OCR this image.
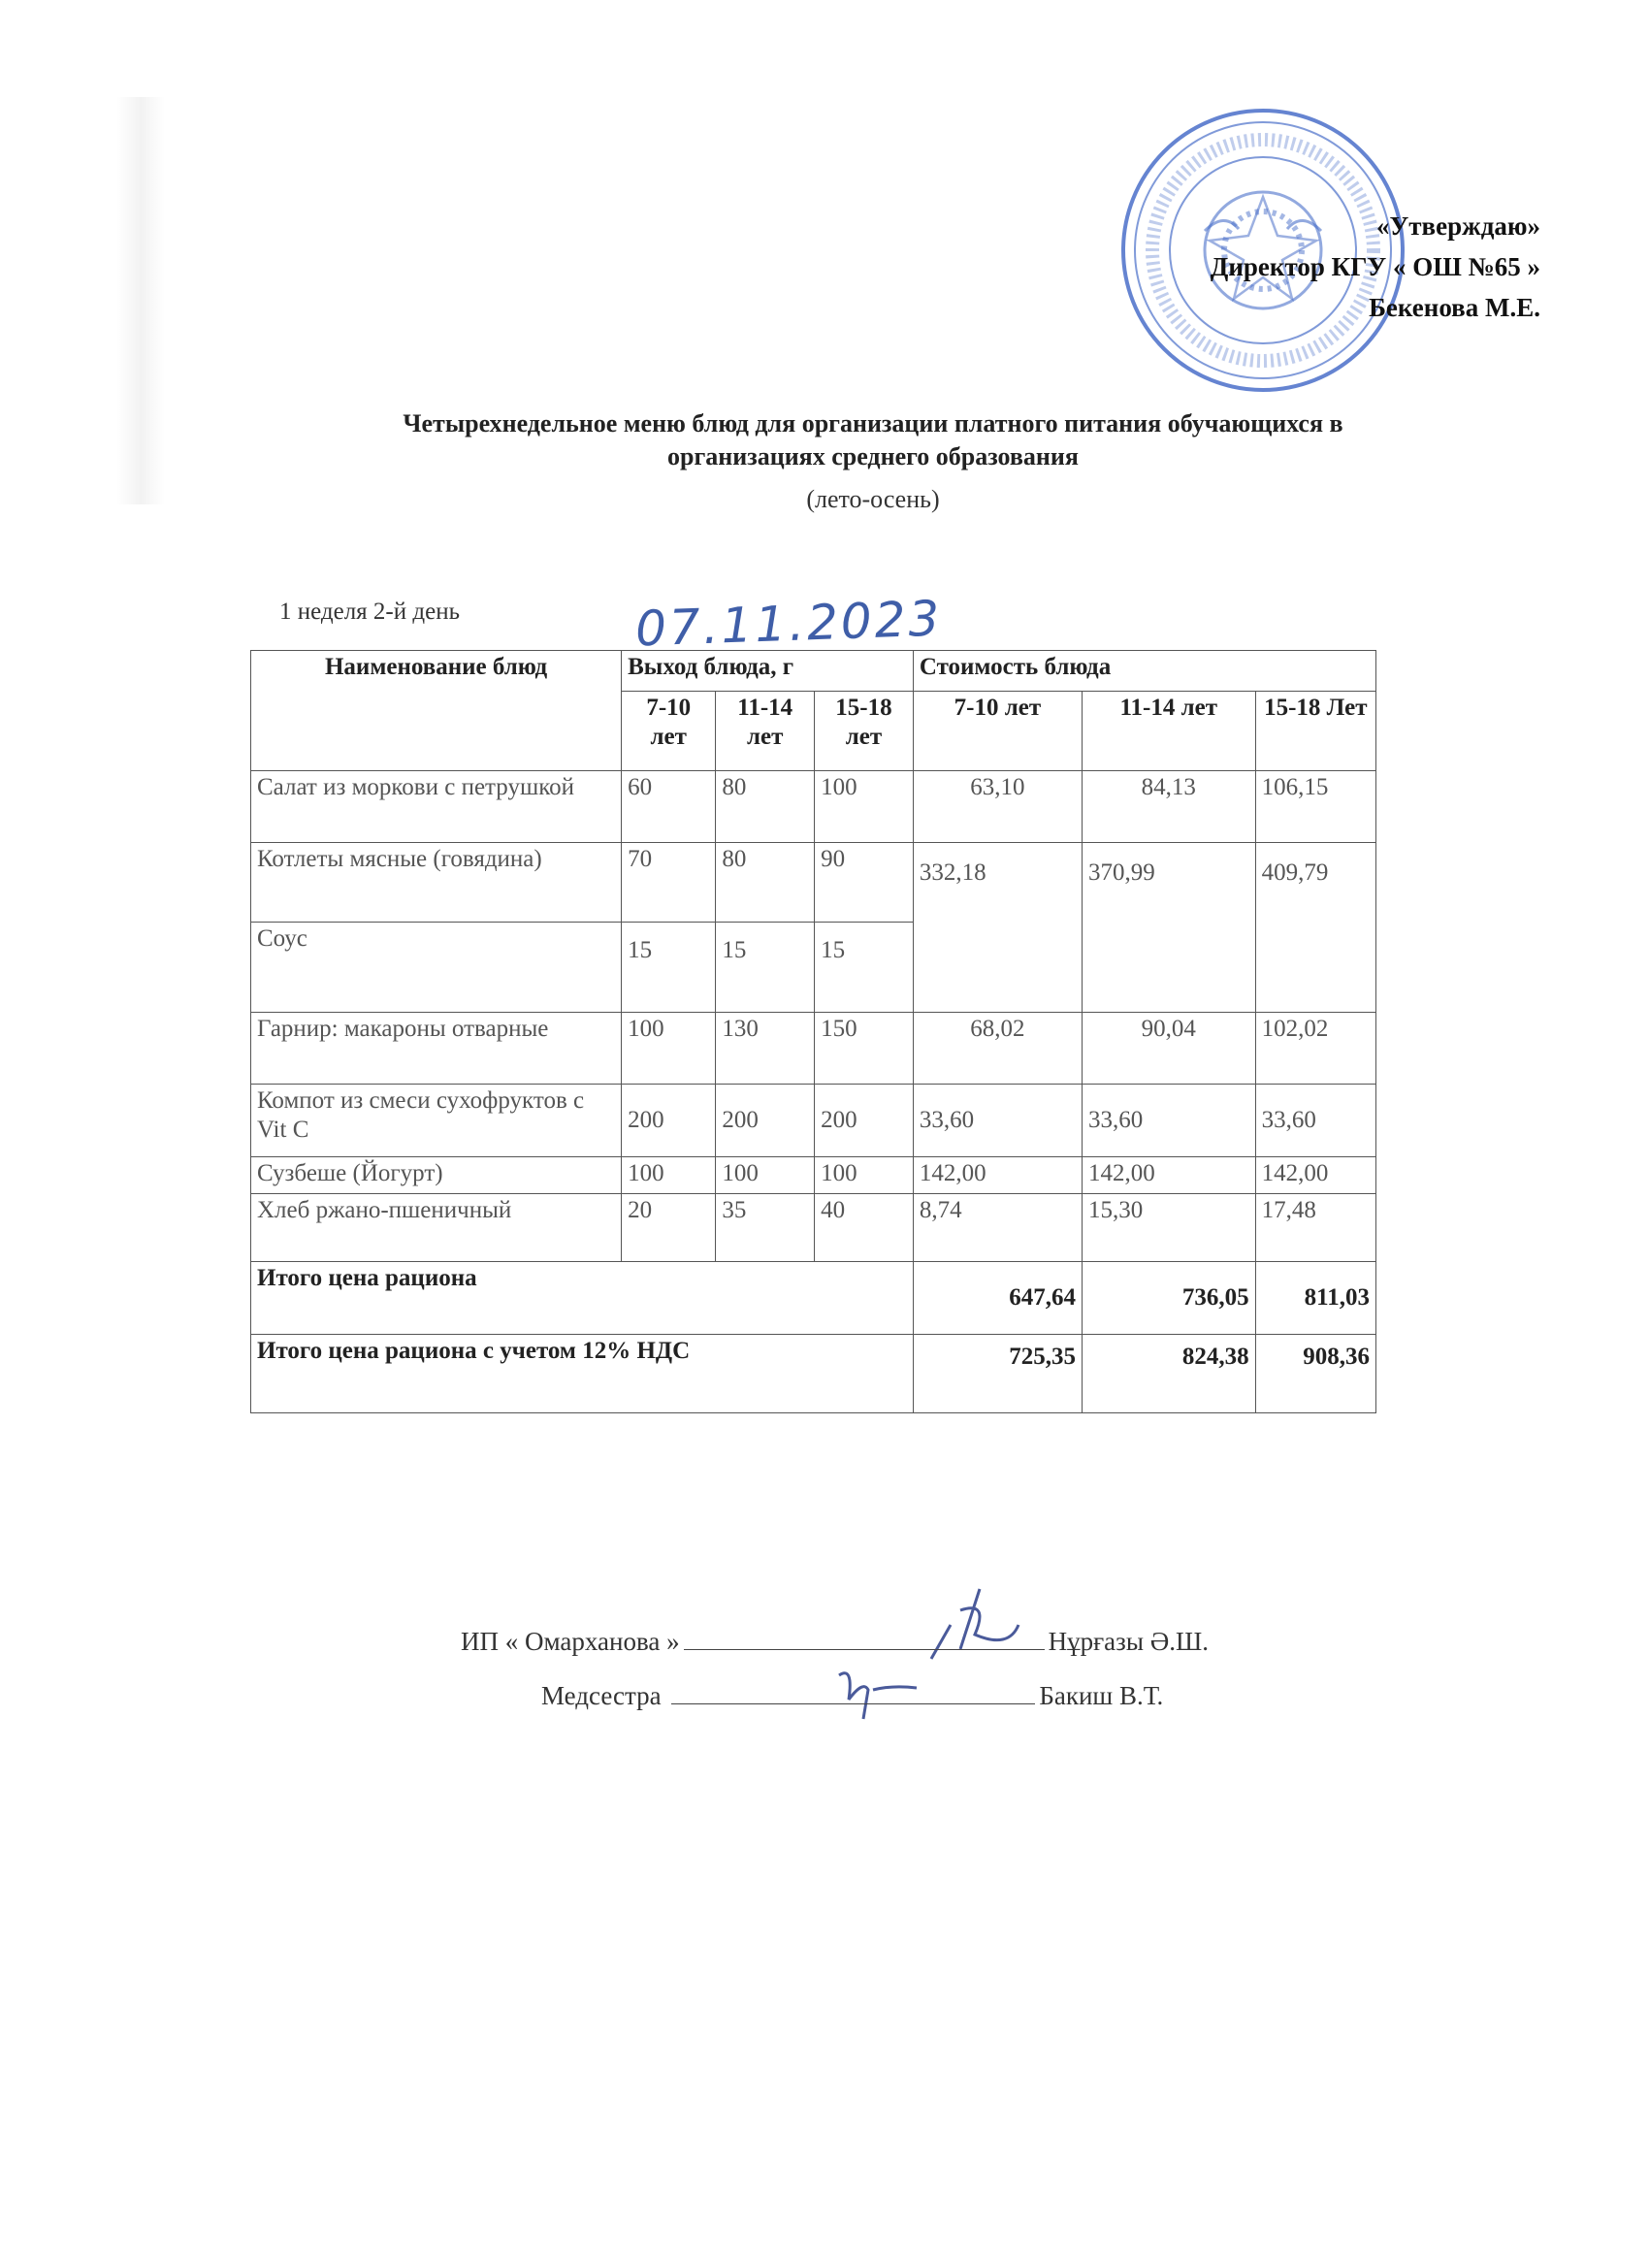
«Утверждаю»
Директор КГУ « ОШ №65 »
Бекенова М.Е.
Четырехнедельное меню блюд для организации платного питания обучающихся в
организациях среднего образования
(лето-осень)
1 неделя 2-й день	07.11.2023
Наименование блюд	Выход блюда, г			Стоимость блюда		
	7-10 лет	11-14 лет	15-18 лет	7-10 лет	11-14 лет	15-18 Лет
Салат из моркови с петрушкой	60	80	100	63,10	84,13	106,15
Котлеты мясные (говядина)	70	80	90	332,18	370,99	409,79
Соус	15	15	15			
Гарнир: макароны отварные	100	130	150	68,02	90,04	102,02
Компот из смеси сухофруктов с Vit C	200	200	200	33,60	33,60	33,60
Сузбеше (Йогурт)	100	100	100	142,00	142,00	142,00
Хлеб ржано-пшеничный	20	35	40	8,74	15,30	17,48
Итого цена рациона				647,64	736,05	811,03
Итого цена рациона с учетом 12% НДС				725,35	824,38	908,36
ИП « Омарханова »	Нұрғазы Ә.Ш.
Медсестра	Бакиш В.Т.
